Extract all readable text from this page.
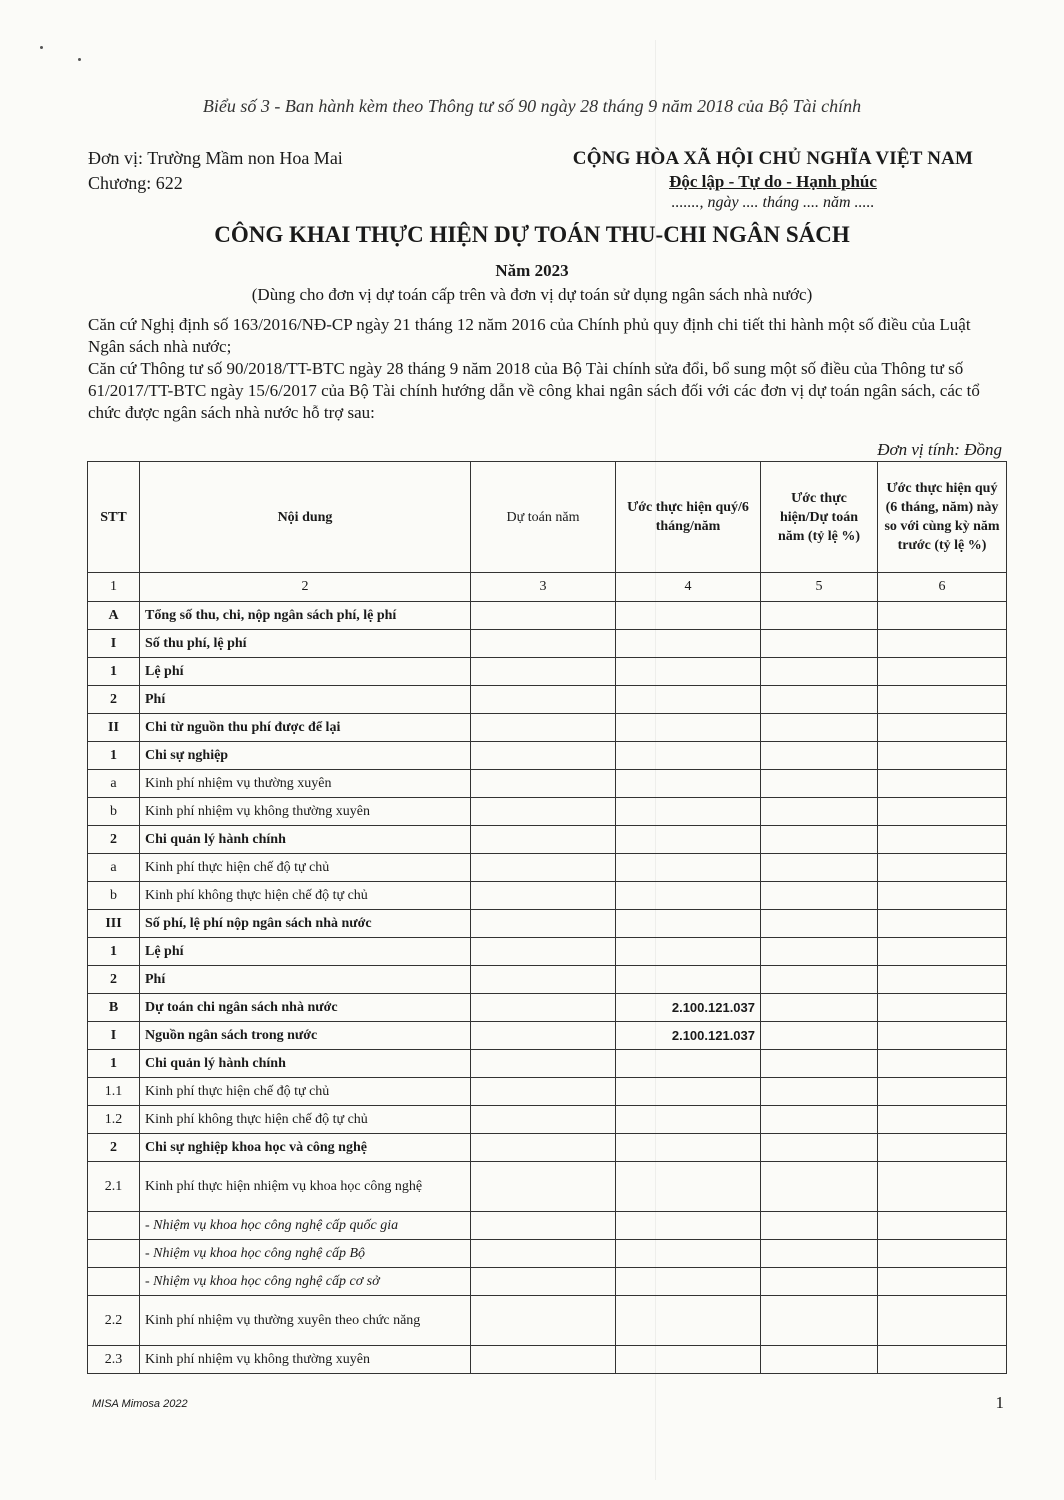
Biểu số 3 - Ban hành kèm theo Thông tư số 90 ngày 28 tháng 9 năm 2018 của Bộ Tài chính
Đơn vị: Trường Mầm non Hoa Mai
Chương: 622
CỘNG HÒA XÃ HỘI CHỦ NGHĨA VIỆT NAM
Độc lập - Tự do - Hạnh phúc
......., ngày .... tháng .... năm .....
CÔNG KHAI THỰC HIỆN DỰ TOÁN THU-CHI NGÂN SÁCH
Năm 2023
(Dùng cho đơn vị dự toán cấp trên và đơn vị dự toán sử dụng ngân sách nhà nước)

Căn cứ Nghị định số 163/2016/NĐ-CP ngày 21 tháng 12 năm 2016 của Chính phủ quy định chi tiết thi hành một số điều của Luật Ngân sách nhà nước;

Căn cứ Thông tư số 90/2018/TT-BTC ngày 28 tháng 9 năm 2018 của Bộ Tài chính sửa đổi, bổ sung một số điều của Thông tư số 61/2017/TT-BTC ngày 15/6/2017 của Bộ Tài chính hướng dẫn về công khai ngân sách đối với các đơn vị dự toán ngân sách, các tổ chức được ngân sách nhà nước hỗ trợ sau:

Đơn vị tính: Đồng
STT	Nội dung	Dự toán năm	Ước thực hiện quý/6 tháng/năm	Ước thực hiện/Dự toán năm (tỷ lệ %)	Ước thực hiện quý (6 tháng, năm) này so với cùng kỳ năm trước (tỷ lệ %)
1	2	3	4	5	6
A	Tổng số thu, chi, nộp ngân sách phí, lệ phí				
I	Số thu phí, lệ phí				
1	Lệ phí				
2	Phí				
II	Chi từ nguồn thu phí được để lại				
1	Chi sự nghiệp				
a	Kinh phí nhiệm vụ thường xuyên				
b	Kinh phí nhiệm vụ không thường xuyên				
2	Chi quản lý hành chính				
a	Kinh phí thực hiện chế độ tự chủ				
b	Kinh phí không thực hiện chế độ tự chủ				
III	Số phí, lệ phí nộp ngân sách nhà nước				
1	Lệ phí				
2	Phí				
B	Dự toán chi ngân sách nhà nước		2.100.121.037		
I	Nguồn ngân sách trong nước		2.100.121.037		
1	Chi quản lý hành chính				
1.1	Kinh phí thực hiện chế độ tự chủ				
1.2	Kinh phí không thực hiện chế độ tự chủ				
2	Chi sự nghiệp khoa học và công nghệ				
2.1	Kinh phí thực hiện nhiệm vụ khoa học công nghệ				
	- Nhiệm vụ khoa học công nghệ cấp quốc gia				
	- Nhiệm vụ khoa học công nghệ cấp Bộ				
	- Nhiệm vụ khoa học công nghệ cấp cơ sở				
2.2	Kinh phí nhiệm vụ thường xuyên theo chức năng				
2.3	Kinh phí nhiệm vụ không thường xuyên				
MISA Mimosa 2022	1
